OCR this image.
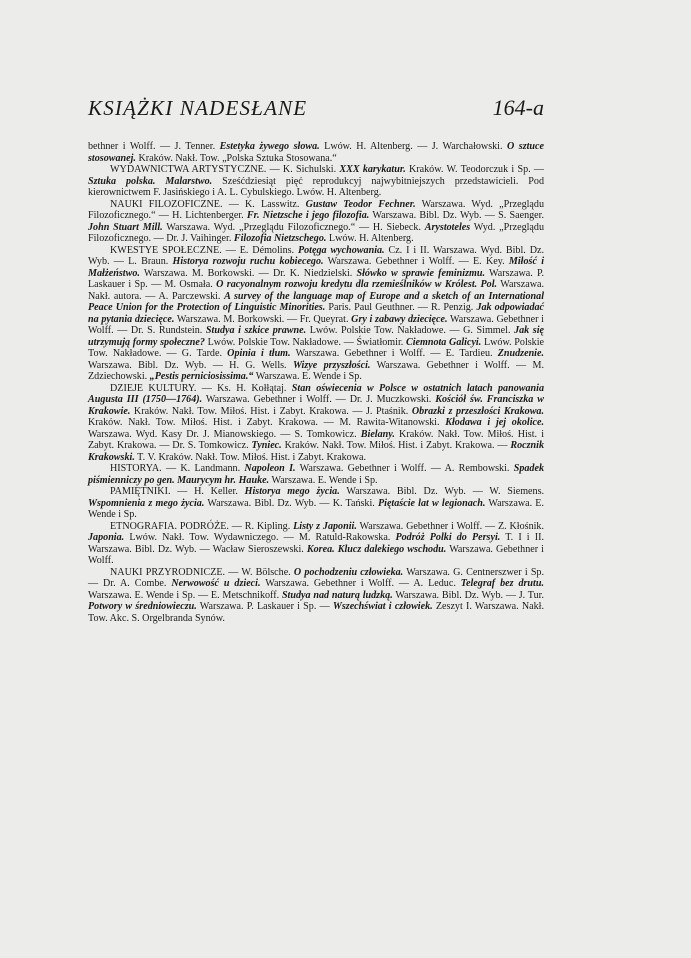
KSIĄŻKI NADESŁANE	164-a

bethner i Wolff. — J. Tenner. Estetyka żywego słowa. Lwów. H. Altenberg. — J. Warchałowski. O sztuce stosowanej. Kraków. Nakł. Tow. „Polska Sztuka Stosowana.“

WYDAWNICTWA ARTYSTYCZNE. — K. Sichulski. XXX karykatur. Kraków. W. Teodorczuk i Sp. — Sztuka polska. Malarstwo. Sześćdziesiąt pięć reprodukcyj najwybitniejszych przedstawicieli. Pod kierownictwem F. Jasińskiego i A. L. Cybulskiego. Lwów. H. Altenberg.

NAUKI FILOZOFICZNE. — K. Lasswitz. Gustaw Teodor Fechner. Warszawa. Wyd. „Przeglądu Filozoficznego.“ — H. Lichtenberger. Fr. Nietzsche i jego filozofia. Warszawa. Bibl. Dz. Wyb. — S. Saenger. John Stuart Mill. Warszawa. Wyd. „Przeglądu Filozoficznego.“ — H. Siebeck. Arystoteles Wyd. „Przeglądu Filozoficznego. — Dr. J. Vaihinger. Filozofia Nietzschego. Lwów. H. Altenberg.

KWESTYE SPOŁECZNE. — E. Démolins. Potęga wychowania. Cz. I i II. Warszawa. Wyd. Bibl. Dz. Wyb. — L. Braun. Historya rozwoju ruchu kobiecego. Warszawa. Gebethner i Wolff. — E. Key. Miłość i Małżeństwo. Warszawa. M. Borkowski. — Dr. K. Niedzielski. Słówko w sprawie feminizmu. Warszawa. P. Laskauer i Sp. — M. Osmała. O racyonalnym rozwoju kredytu dla rzemieślników w Królest. Pol. Warszawa. Nakł. autora. — A. Parczewski. A survey of the language map of Europe and a sketch of an International Peace Union for the Protection of Linguistic Minorities. Paris. Paul Geuthner. — R. Penzig. Jak odpowiadać na pytania dziecięce. Warszawa. M. Borkowski. — Fr. Queyrat. Gry i zabawy dziecięce. Warszawa. Gebethner i Wolff. — Dr. S. Rundstein. Studya i szkice prawne. Lwów. Polskie Tow. Nakładowe. — G. Simmel. Jak się utrzymują formy społeczne? Lwów. Polskie Tow. Nakładowe. — Światłomir. Ciemnota Galicyi. Lwów. Polskie Tow. Nakładowe. — G. Tarde. Opinia i tłum. Warszawa. Gebethner i Wolff. — E. Tardieu. Znudzenie. Warszawa. Bibl. Dz. Wyb. — H. G. Wells. Wizye przyszłości. Warszawa. Gebethner i Wolff. — M. Zdziechowski. „Pestis perniciosissima.“ Warszawa. E. Wende i Sp.

DZIEJE KULTURY. — Ks. H. Kołłątaj. Stan oświecenia w Polsce w ostatnich latach panowania Augusta III (1750—1764). Warszawa. Gebethner i Wolff. — Dr. J. Muczkowski. Kościół św. Franciszka w Krakowie. Kraków. Nakł. Tow. Miłoś. Hist. i Zabyt. Krakowa. — J. Ptaśnik. Obrazki z przeszłości Krakowa. Kraków. Nakł. Tow. Miłoś. Hist. i Zabyt. Krakowa. — M. Rawita-Witanowski. Kłodawa i jej okolice. Warszawa. Wyd. Kasy Dr. J. Mianowskiego. — S. Tomkowicz. Bielany. Kraków. Nakł. Tow. Miłoś. Hist. i Zabyt. Krakowa. — Dr. S. Tomkowicz. Tyniec. Kraków. Nakł. Tow. Miłoś. Hist. i Zabyt. Krakowa. — Rocznik Krakowski. T. V. Kraków. Nakł. Tow. Miłoś. Hist. i Zabyt. Krakowa.

HISTORYA. — K. Landmann. Napoleon I. Warszawa. Gebethner i Wolff. — A. Rembowski. Spadek piśmienniczy po gen. Maurycym hr. Hauke. Warszawa. E. Wende i Sp.

PAMIĘTNIKI. — H. Keller. Historya mego życia. Warszawa. Bibl. Dz. Wyb. — W. Siemens. Wspomnienia z mego życia. Warszawa. Bibl. Dz. Wyb. — K. Tański. Piętaście lat w legionach. Warszawa. E. Wende i Sp.

ETNOGRAFIA. PODRÓŻE. — R. Kipling. Listy z Japonii. Warszawa. Gebethner i Wolff. — Z. Kłośnik. Japonia. Lwów. Nakł. Tow. Wydawniczego. — M. Ratuld-Rakowska. Podróż Polki do Persyi. T. I i II. Warszawa. Bibl. Dz. Wyb. — Wacław Sieroszewski. Korea. Klucz dalekiego wschodu. Warszawa. Gebethner i Wolff.

NAUKI PRZYRODNICZE. — W. Bölsche. O pochodzeniu człowieka. Warszawa. G. Centnerszwer i Sp. — Dr. A. Combe. Nerwowość u dzieci. Warszawa. Gebethner i Wolff. — A. Leduc. Telegraf bez drutu. Warszawa. E. Wende i Sp. — E. Metschnikoff. Studya nad naturą ludzką. Warszawa. Bibl. Dz. Wyb. — J. Tur. Potwory w średniowieczu. Warszawa. P. Laskauer i Sp. — Wszechświat i człowiek. Zeszyt I. Warszawa. Nakł. Tow. Akc. S. Orgelbranda Synów.
